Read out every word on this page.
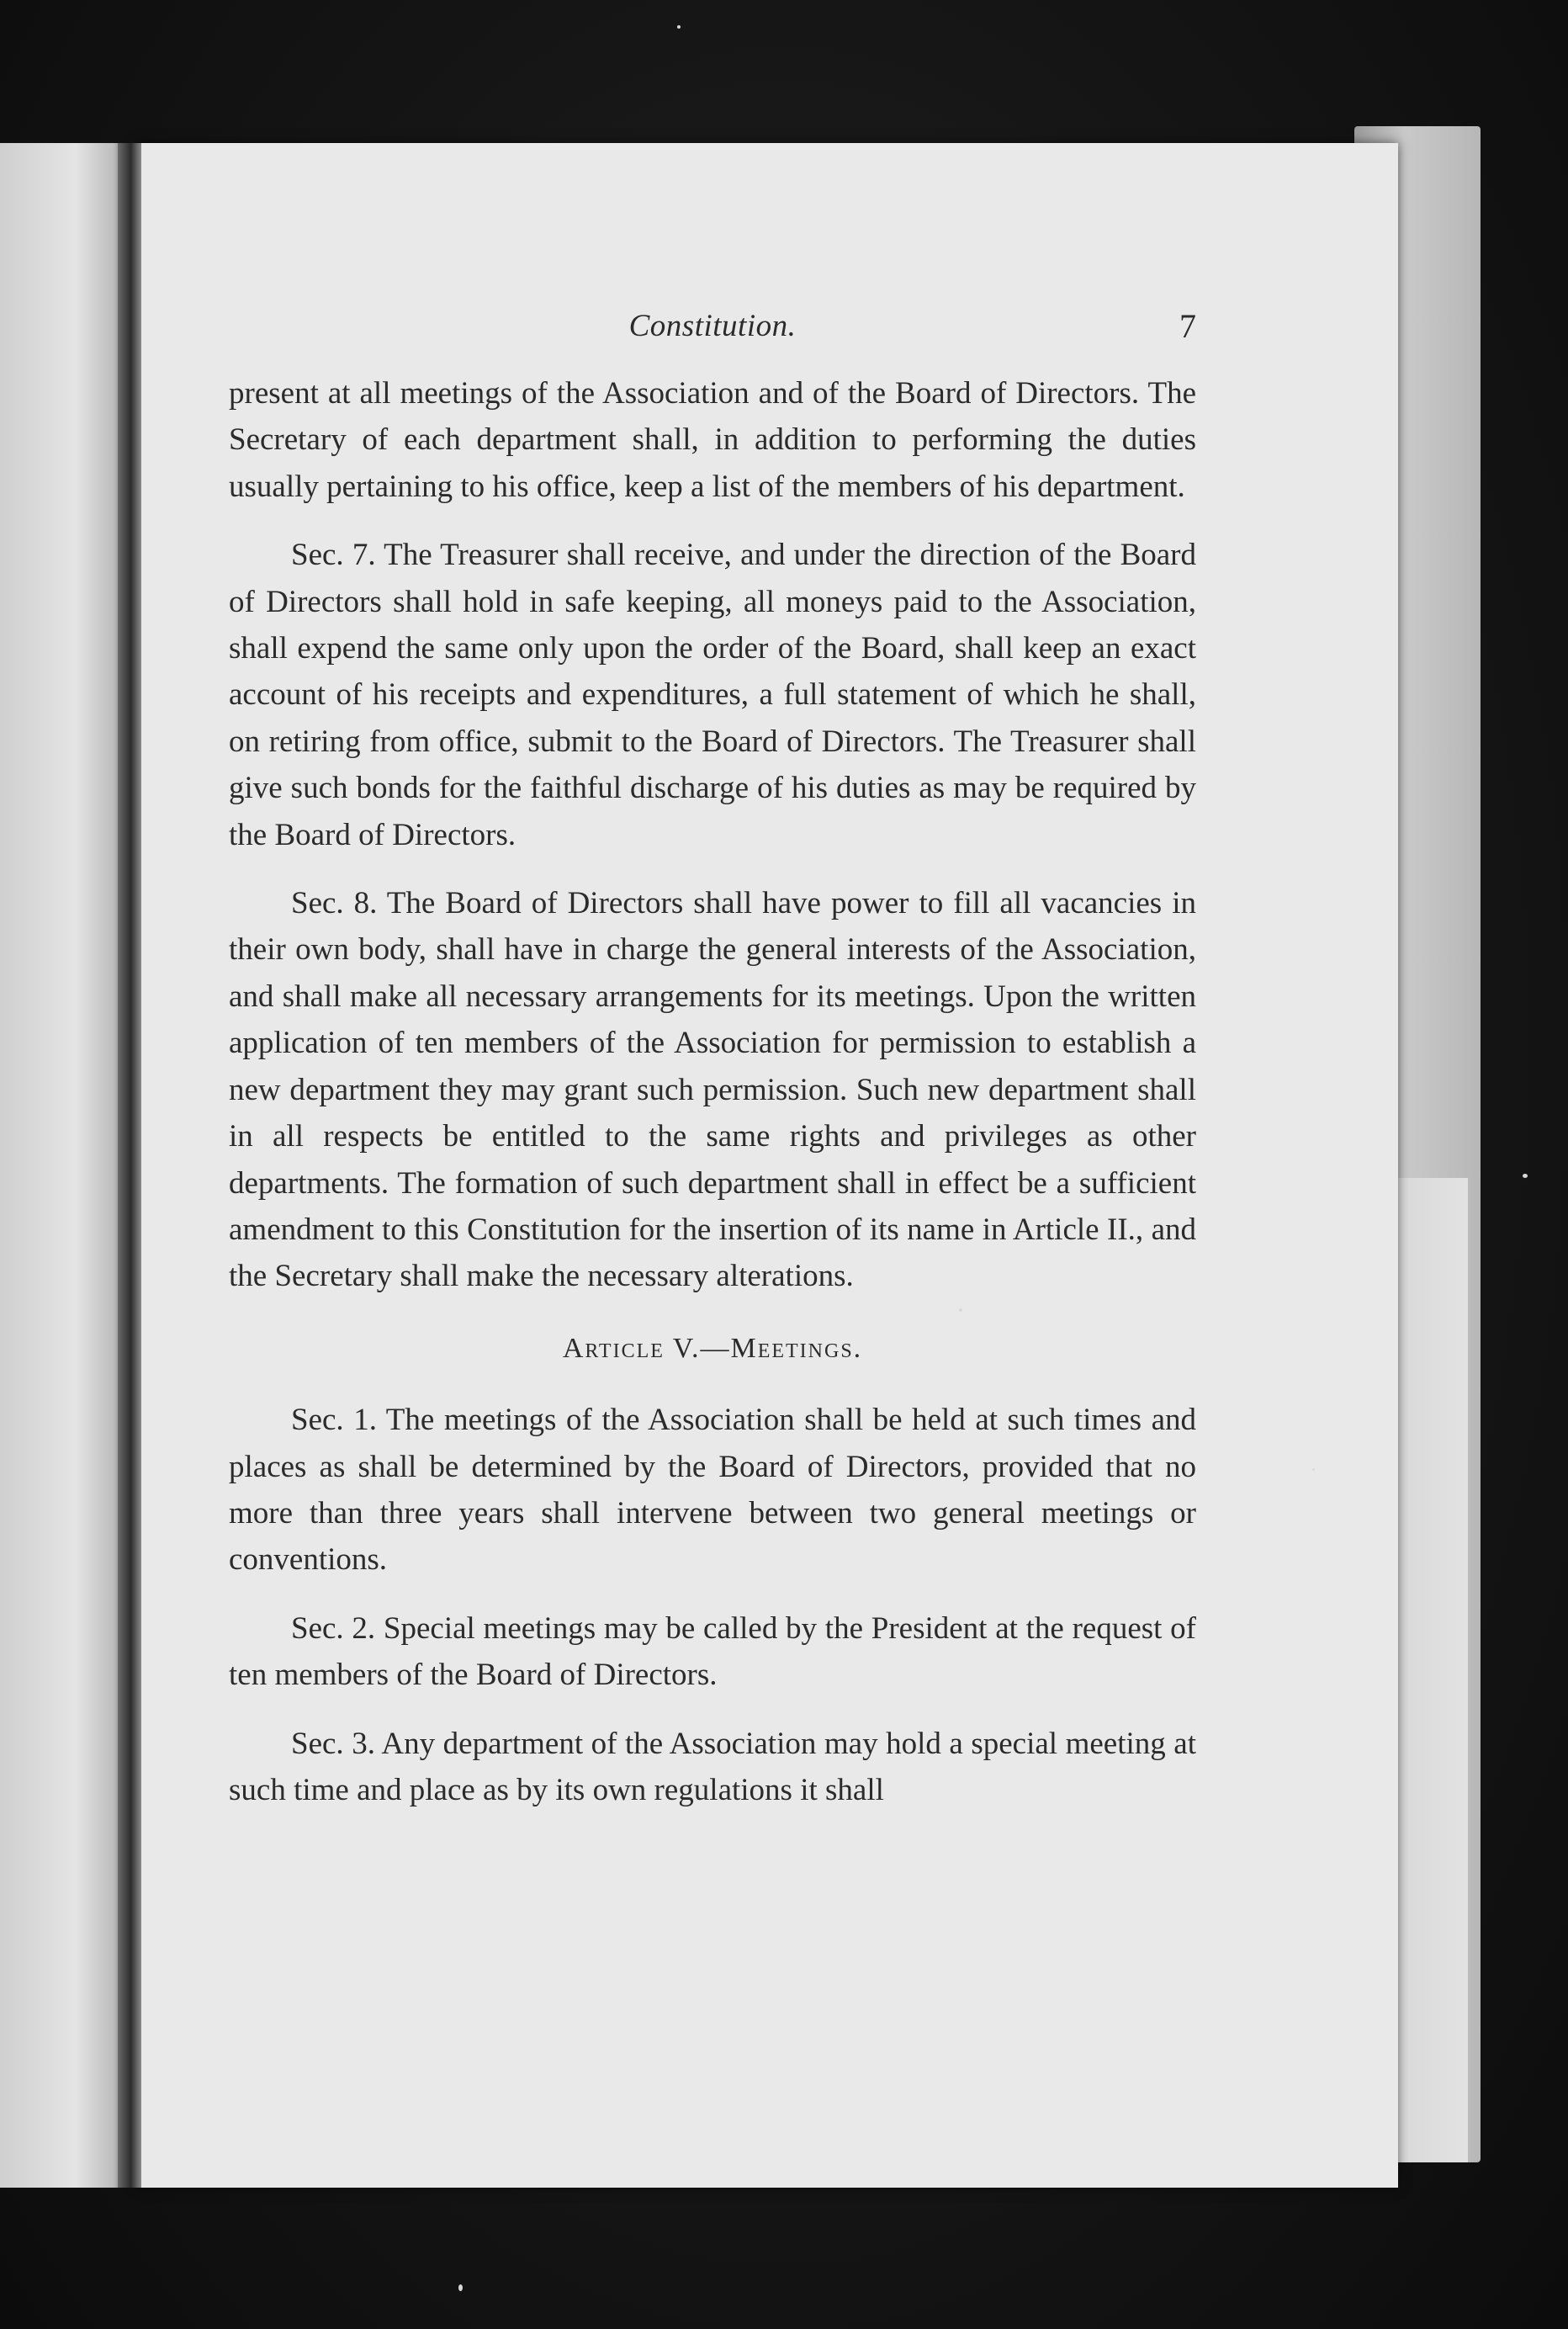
Constitution.	7

present at all meetings of the Association and of the Board of Directors. The Secretary of each department shall, in addition to performing the duties usually pertaining to his office, keep a list of the members of his department.

Sec. 7. The Treasurer shall receive, and under the direction of the Board of Directors shall hold in safe keeping, all moneys paid to the Association, shall expend the same only upon the order of the Board, shall keep an exact account of his receipts and expenditures, a full statement of which he shall, on retiring from office, submit to the Board of Directors. The Treasurer shall give such bonds for the faithful discharge of his duties as may be required by the Board of Directors.

Sec. 8. The Board of Directors shall have power to fill all vacancies in their own body, shall have in charge the general interests of the Association, and shall make all necessary arrangements for its meetings. Upon the written application of ten members of the Association for permission to establish a new department they may grant such permission. Such new department shall in all respects be entitled to the same rights and privileges as other departments. The formation of such department shall in effect be a sufficient amendment to this Constitution for the insertion of its name in Article II., and the Secretary shall make the necessary alterations.

Article V.—Meetings.

Sec. 1. The meetings of the Association shall be held at such times and places as shall be determined by the Board of Directors, provided that no more than three years shall intervene between two general meetings or conventions.

Sec. 2. Special meetings may be called by the President at the request of ten members of the Board of Directors.

Sec. 3. Any department of the Association may hold a special meeting at such time and place as by its own regulations it shall
